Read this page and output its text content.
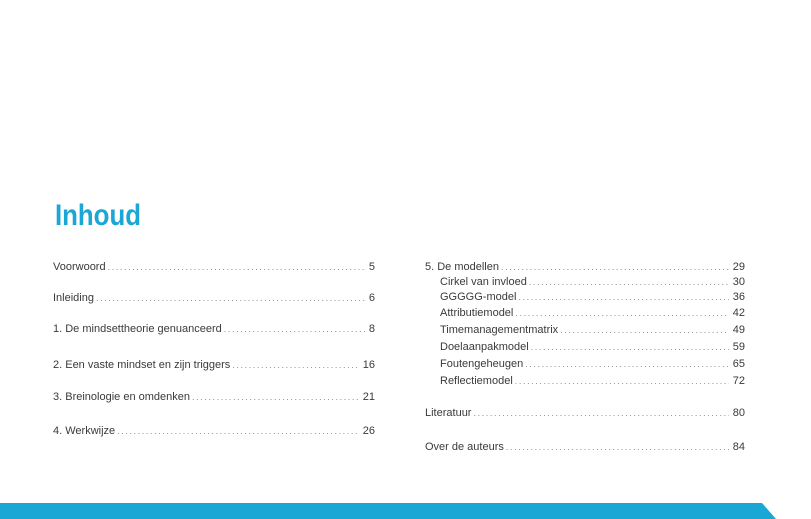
Inhoud
Voorwoord .....	5
Inleiding .....	6
1. De mindsettheorie genuanceerd .....	8
2. Een vaste mindset en zijn triggers .....	16
3. Breinologie en omdenken .....	21
4. Werkwijze .....	26
5. De modellen .....	29
Cirkel van invloed .....	30
GGGGG-model .....	36
Attributiemodel .....	42
Timemanagementmatrix .....	49
Doelaanpakmodel .....	59
Foutengeheugen .....	65
Reflectiemodel .....	72
Literatuur .....	80
Over de auteurs .....	84
